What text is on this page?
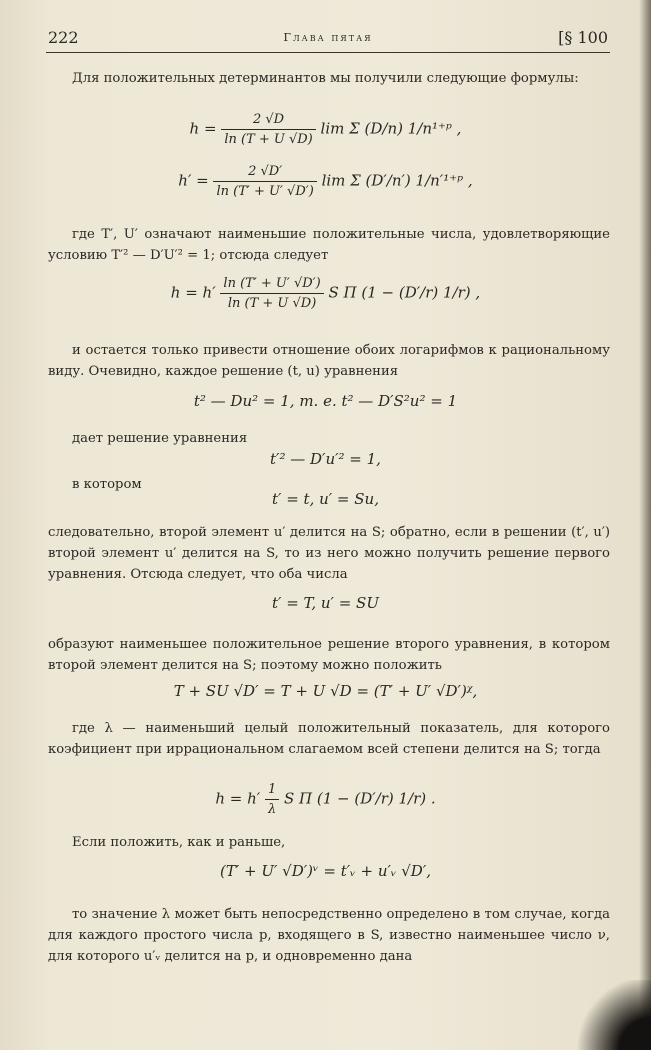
222	Глава пятая	[§ 100
Для положительных детерминантов мы получили следующие формулы:
$h = \frac{2 √D}{\ln (T + U √D)}$ lim Σ (D/n) 1/n¹⁺ᵖ ,
$h' = \frac{2 √D'}{\ln (T' + U' √D')}$ lim Σ (D′/n′) 1/n′¹⁺ᵖ ,
где T′, U′ означают наименьшие положительные числа, удовлетворяющие условию T′² — D′U′² = 1; отсюда следует
$h = h' \frac{\ln (T' + U' √D')}{\ln (T + U √D)}$ S Π (1 − (D′/r) 1/r) ,
и остается только привести отношение обоих логарифмов к рациональному виду. Очевидно, каждое решение (t, u) уравнения
t² — Du² = 1, т. е. t² — D′S²u² = 1
дает решение уравнения
t′² — D′u′² = 1,
в котором
t′ = t, u′ = Su,
следовательно, второй элемент u′ делится на S; обратно, если в решении (t′, u′) второй элемент u′ делится на S, то из него можно получить решение первого уравнения. Отсюда следует, что оба числа
t′ = T, u′ = SU
образуют наименьшее положительное решение второго уравнения, в котором второй элемент делится на S; поэтому можно положить
T + SU √D′ = T + U √D = (T′ + U′ √D′)ᵡ,
где λ — наименьший целый положительный показатель, для которого коэфициент при иррациональном слагаемом всей степени делится на S; тогда
$h = h' \frac{1}{\lambda}$ S Π (1 − (D′/r) 1/r) .
Если положить, как и раньше,
(T′ + U′ √D′)ᵛ = t′ᵥ + u′ᵥ √D′,
то значение λ может быть непосредственно определено в том случае, когда для каждого простого числа p, входящего в S, известно наименьшее число ν, для которого u′ᵥ делится на p, и одновременно дана
